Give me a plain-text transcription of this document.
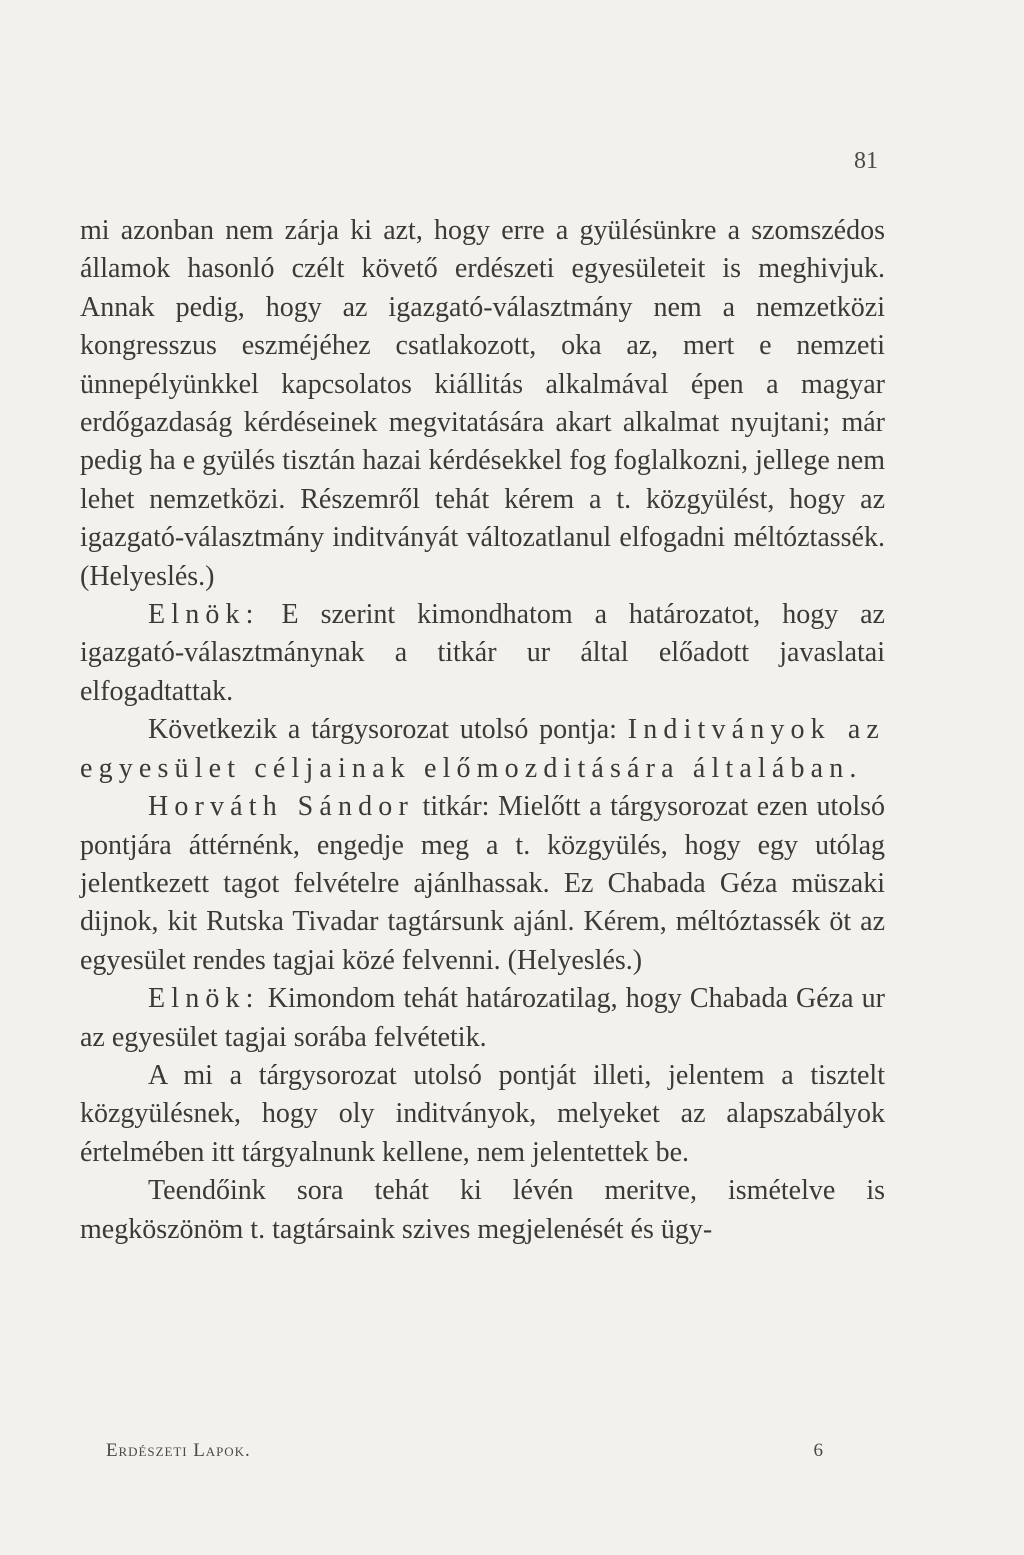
81

mi azonban nem zárja ki azt, hogy erre a gyülésünkre a szomszédos államok hasonló czélt követő erdészeti egyesületeit is meghivjuk. Annak pedig, hogy az igazgató-választmány nem a nemzetközi kongresszus eszméjéhez csatlakozott, oka az, mert e nemzeti ünnepélyünkkel kapcsolatos kiállitás alkalmával épen a magyar erdőgazdaság kérdéseinek megvitatására akart alkalmat nyujtani; már pedig ha e gyülés tisztán hazai kérdésekkel fog foglalkozni, jellege nem lehet nemzetközi. Részemről tehát kérem a t. közgyülést, hogy az igazgató-választmány inditványát változatlanul elfogadni méltóztassék. (Helyeslés.)

Elnök: E szerint kimondhatom a határozatot, hogy az igazgató-választmánynak a titkár ur által előadott javaslatai elfogadtattak.

Következik a tárgysorozat utolsó pontja: Inditványok az egyesület céljainak előmozditására általában.

Horváth Sándor titkár: Mielőtt a tárgysorozat ezen utolsó pontjára áttérnénk, engedje meg a t. közgyülés, hogy egy utólag jelentkezett tagot felvételre ajánlhassak. Ez Chabada Géza müszaki dijnok, kit Rutska Tivadar tagtársunk ajánl. Kérem, méltóztassék öt az egyesület rendes tagjai közé felvenni. (Helyeslés.)

Elnök: Kimondom tehát határozatilag, hogy Chabada Géza ur az egyesület tagjai sorába felvétetik.

A mi a tárgysorozat utolsó pontját illeti, jelentem a tisztelt közgyülésnek, hogy oly inditványok, melyeket az alapszabályok értelmében itt tárgyalnunk kellene, nem jelentettek be.

Teendőink sora tehát ki lévén meritve, ismételve is megköszönöm t. tagtársaink szives megjelenését és ügy-

Erdészeti Lapok.	6
